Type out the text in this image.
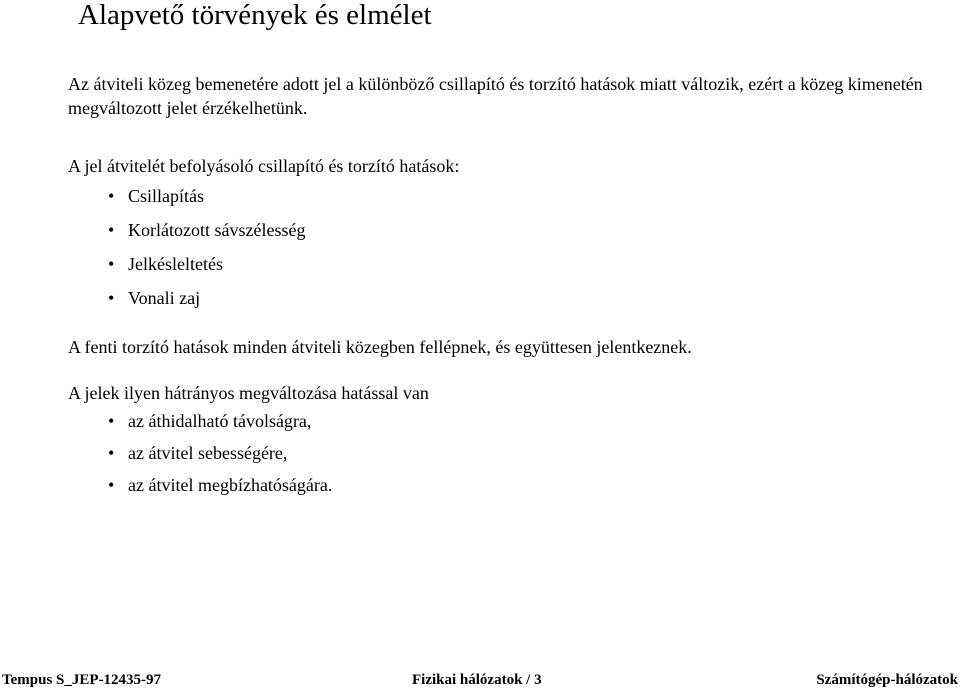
Alapvető törvények és elmélet

Az átviteli közeg bemenetére adott jel a különböző csillapító és torzító hatások miatt változik, ezért a közeg kimenetén megváltozott jelet érzékelhetünk.

A jel átvitelét befolyásoló csillapító és torzító hatások:

• Csillapítás
• Korlátozott sávszélesség
• Jelkésleltetés
• Vonali zaj

A fenti torzító hatások minden átviteli közegben fellépnek, és együttesen jelentkeznek.

A jelek ilyen hátrányos megváltozása hatással van

• az áthidalható távolságra,
• az átvitel sebességére,
• az átvitel megbízhatóságára.
Tempus S_JEP-12435-97	Fizikai hálózatok / 3	Számítógép-hálózatok
